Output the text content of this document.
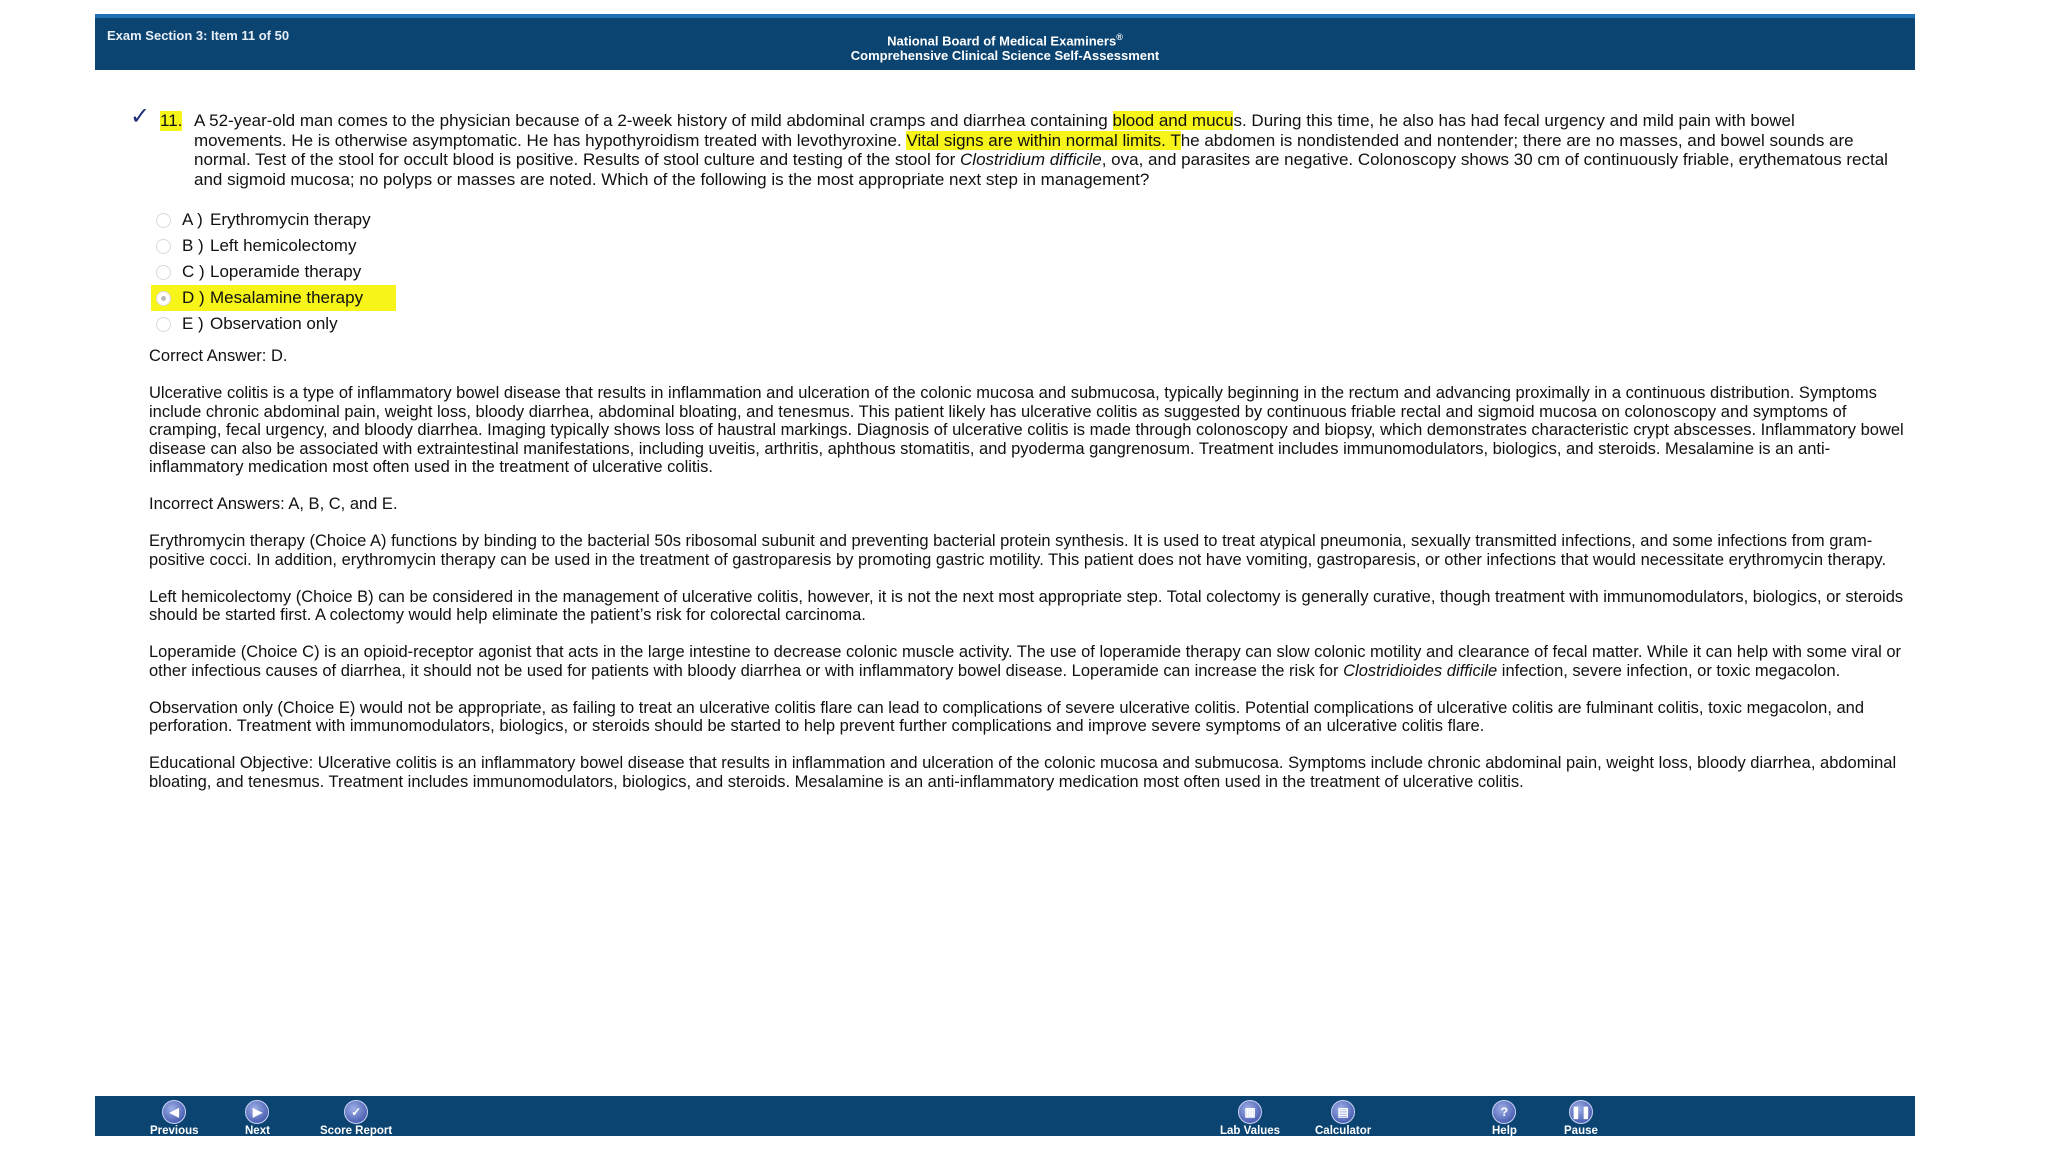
Exam Section 3: Item 11 of 50	National Board of Medical Examiners®
Comprehensive Clinical Science Self-Assessment
✓ 11. A 52-year-old man comes to the physician because of a 2-week history of mild abdominal cramps and diarrhea containing blood and mucus. During this time, he also has had fecal urgency and mild pain with bowel movements. He is otherwise asymptomatic. He has hypothyroidism treated with levothyroxine. Vital signs are within normal limits. The abdomen is nondistended and nontender; there are no masses, and bowel sounds are normal. Test of the stool for occult blood is positive. Results of stool culture and testing of the stool for Clostridium difficile, ova, and parasites are negative. Colonoscopy shows 30 cm of continuously friable, erythematous rectal and sigmoid mucosa; no polyps or masses are noted. Which of the following is the most appropriate next step in management?
A ) Erythromycin therapy
B ) Left hemicolectomy
C ) Loperamide therapy
D ) Mesalamine therapy
E ) Observation only

Correct Answer: D.

Ulcerative colitis is a type of inflammatory bowel disease that results in inflammation and ulceration of the colonic mucosa and submucosa, typically beginning in the rectum and advancing proximally in a continuous distribution. Symptoms include chronic abdominal pain, weight loss, bloody diarrhea, abdominal bloating, and tenesmus. This patient likely has ulcerative colitis as suggested by continuous friable rectal and sigmoid mucosa on colonoscopy and symptoms of cramping, fecal urgency, and bloody diarrhea. Imaging typically shows loss of haustral markings. Diagnosis of ulcerative colitis is made through colonoscopy and biopsy, which demonstrates characteristic crypt abscesses. Inflammatory bowel disease can also be associated with extraintestinal manifestations, including uveitis, arthritis, aphthous stomatitis, and pyoderma gangrenosum. Treatment includes immunomodulators, biologics, and steroids. Mesalamine is an anti-inflammatory medication most often used in the treatment of ulcerative colitis.

Incorrect Answers: A, B, C, and E.

Erythromycin therapy (Choice A) functions by binding to the bacterial 50s ribosomal subunit and preventing bacterial protein synthesis. It is used to treat atypical pneumonia, sexually transmitted infections, and some infections from gram-positive cocci. In addition, erythromycin therapy can be used in the treatment of gastroparesis by promoting gastric motility. This patient does not have vomiting, gastroparesis, or other infections that would necessitate erythromycin therapy.

Left hemicolectomy (Choice B) can be considered in the management of ulcerative colitis, however, it is not the next most appropriate step. Total colectomy is generally curative, though treatment with immunomodulators, biologics, or steroids should be started first. A colectomy would help eliminate the patient’s risk for colorectal carcinoma.

Loperamide (Choice C) is an opioid-receptor agonist that acts in the large intestine to decrease colonic muscle activity. The use of loperamide therapy can slow colonic motility and clearance of fecal matter. While it can help with some viral or other infectious causes of diarrhea, it should not be used for patients with bloody diarrhea or with inflammatory bowel disease. Loperamide can increase the risk for Clostridioides difficile infection, severe infection, or toxic megacolon.

Observation only (Choice E) would not be appropriate, as failing to treat an ulcerative colitis flare can lead to complications of severe ulcerative colitis. Potential complications of ulcerative colitis are fulminant colitis, toxic megacolon, and perforation. Treatment with immunomodulators, biologics, or steroids should be started to help prevent further complications and improve severe symptoms of an ulcerative colitis flare.

Educational Objective: Ulcerative colitis is an inflammatory bowel disease that results in inflammation and ulceration of the colonic mucosa and submucosa. Symptoms include chronic abdominal pain, weight loss, bloody diarrhea, abdominal bloating, and tenesmus. Treatment includes immunomodulators, biologics, and steroids. Mesalamine is an anti-inflammatory medication most often used in the treatment of ulcerative colitis.

◀
Previous
▶
Next
✓
Score Report
▦
Lab Values
▤
Calculator
?
Help
❚❚
Pause
